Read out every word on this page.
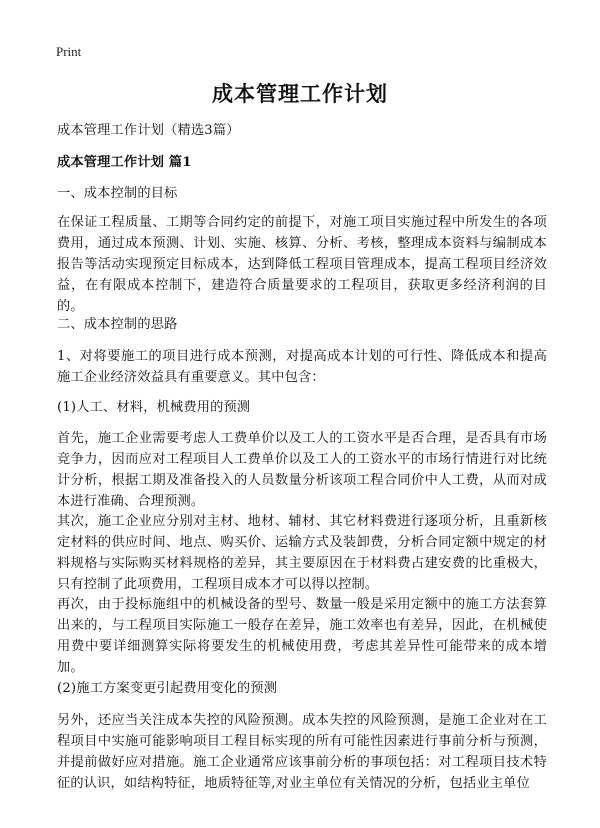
Print
成本管理工作计划

成本管理工作计划（精选3篇）

成本管理工作计划 篇1

一、成本控制的目标

在保证工程质量、工期等合同约定的前提下，对施工项目实施过程中所发生的各项费用，通过成本预测、计划、实施、核算、分析、考核，整理成本资料与编制成本报告等活动实现预定目标成本，达到降低工程项目管理成本，提高工程项目经济效益，在有限成本控制下，建造符合质量要求的工程项目，获取更多经济利润的目的。

二、成本控制的思路

1、对将要施工的项目进行成本预测，对提高成本计划的可行性、降低成本和提高施工企业经济效益具有重要意义。其中包含：

(1)人工、材料，机械费用的预测

首先，施工企业需要考虑人工费单价以及工人的工资水平是否合理，是否具有市场竞争力，因而应对工程项目人工费单价以及工人的工资水平的市场行情进行对比统计分析，根据工期及准备投入的人员数量分析该项工程合同价中人工费，从而对成本进行准确、合理预测。

其次，施工企业应分别对主材、地材、辅材、其它材料费进行逐项分析，且重新核定材料的供应时间、地点、购买价、运输方式及装卸费，分析合同定额中规定的材料规格与实际购买材料规格的差异，其主要原因在于材料费占建安费的比重极大，只有控制了此项费用，工程项目成本才可以得以控制。

再次，由于投标施组中的机械设备的型号、数量一般是采用定额中的施工方法套算出来的，与工程项目实际施工一般存在差异，施工效率也有差异，因此，在机械使用费中要详细测算实际将要发生的机械使用费，考虑其差异性可能带来的成本增加。

(2)施工方案变更引起费用变化的预测

另外，还应当关注成本失控的风险预测。成本失控的风险预测，是施工企业对在工程项目中实施可能影响项目工程目标实现的所有可能性因素进行事前分析与预测，并提前做好应对措施。施工企业通常应该事前分析的事项包括：对工程项目技术特征的认识，如结构特征，地质特征等,对业主单位有关情况的分析，包括业主单位
